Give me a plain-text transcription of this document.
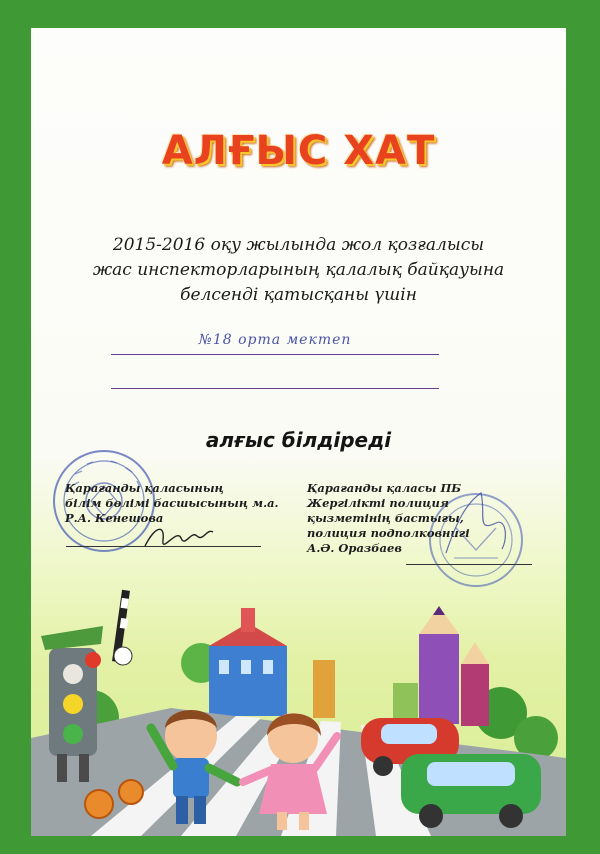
АЛҒЫС ХАТ
2015-2016 оқу жылында жол қозғалысы
жас инспекторларының қалалық байқауына
белсенді қатысқаны үшін
№18 орта мектеп
алғыс білдіреді
Қарағанды қаласының
білім бөлімі басшысының м.а.
Р.А. Кенешова
Қарағанды қаласы ПБ
Жергілікті полиция
қызметінің бастығы,
полиция подполковнигі
А.Ә. Оразбаев
